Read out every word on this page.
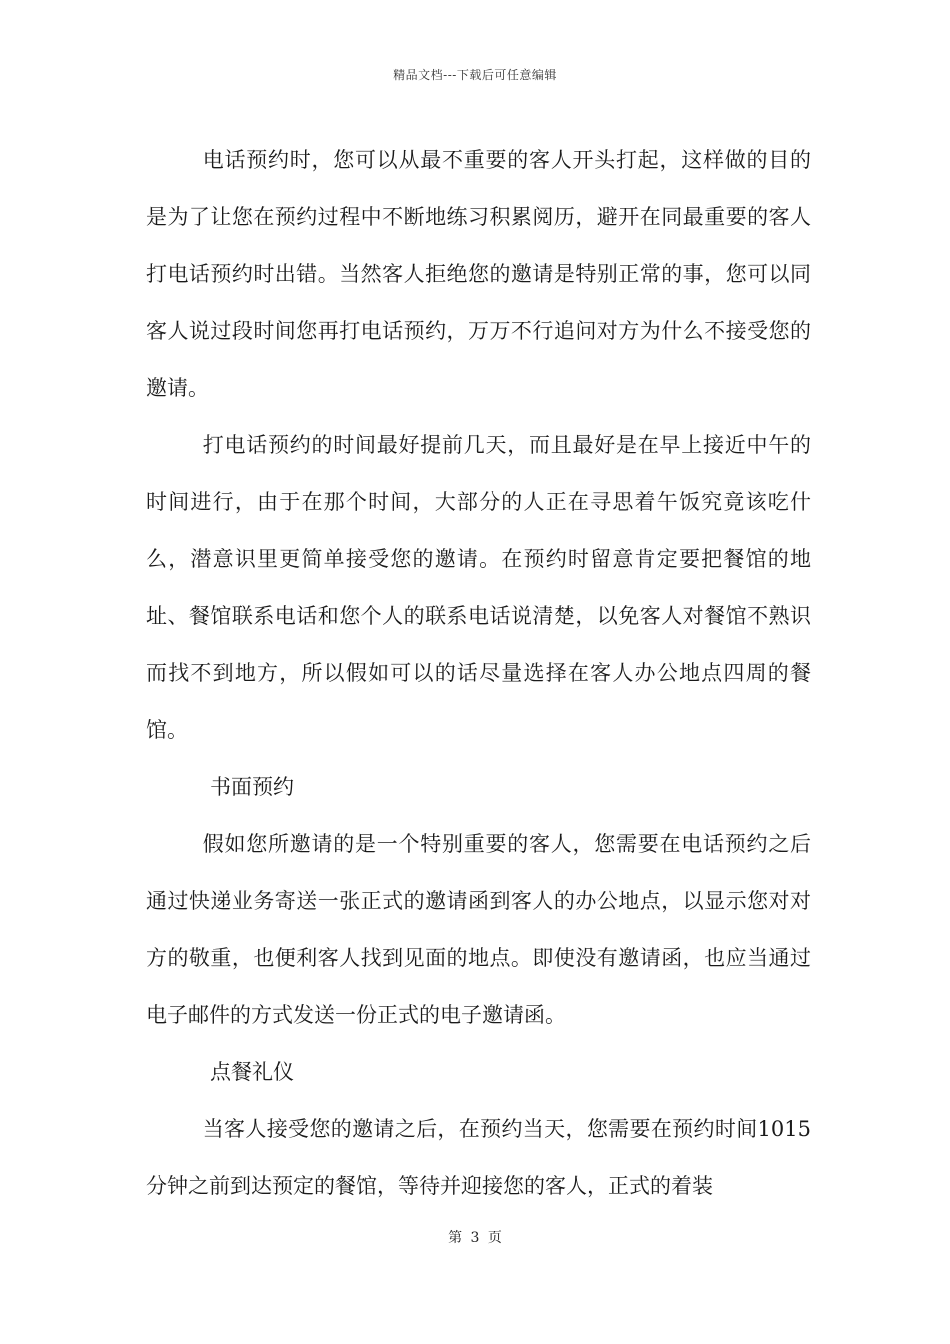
精品文档---下载后可任意编辑

电话预约时，您可以从最不重要的客人开头打起，这样做的目的是为了让您在预约过程中不断地练习积累阅历，避开在同最重要的客人打电话预约时出错。当然客人拒绝您的邀请是特别正常的事，您可以同客人说过段时间您再打电话预约，万万不行追问对方为什么不接受您的邀请。

打电话预约的时间最好提前几天，而且最好是在早上接近中午的时间进行，由于在那个时间，大部分的人正在寻思着午饭究竟该吃什么，潜意识里更简单接受您的邀请。在预约时留意肯定要把餐馆的地址、餐馆联系电话和您个人的联系电话说清楚，以免客人对餐馆不熟识而找不到地方，所以假如可以的话尽量选择在客人办公地点四周的餐馆。

书面预约

假如您所邀请的是一个特别重要的客人，您需要在电话预约之后通过快递业务寄送一张正式的邀请函到客人的办公地点，以显示您对对方的敬重，也便利客人找到见面的地点。即使没有邀请函，也应当通过电子邮件的方式发送一份正式的电子邀请函。

点餐礼仪

当客人接受您的邀请之后，在预约当天，您需要在预约时间1015分钟之前到达预定的餐馆，等待并迎接您的客人，正式的着装

第 3 页
